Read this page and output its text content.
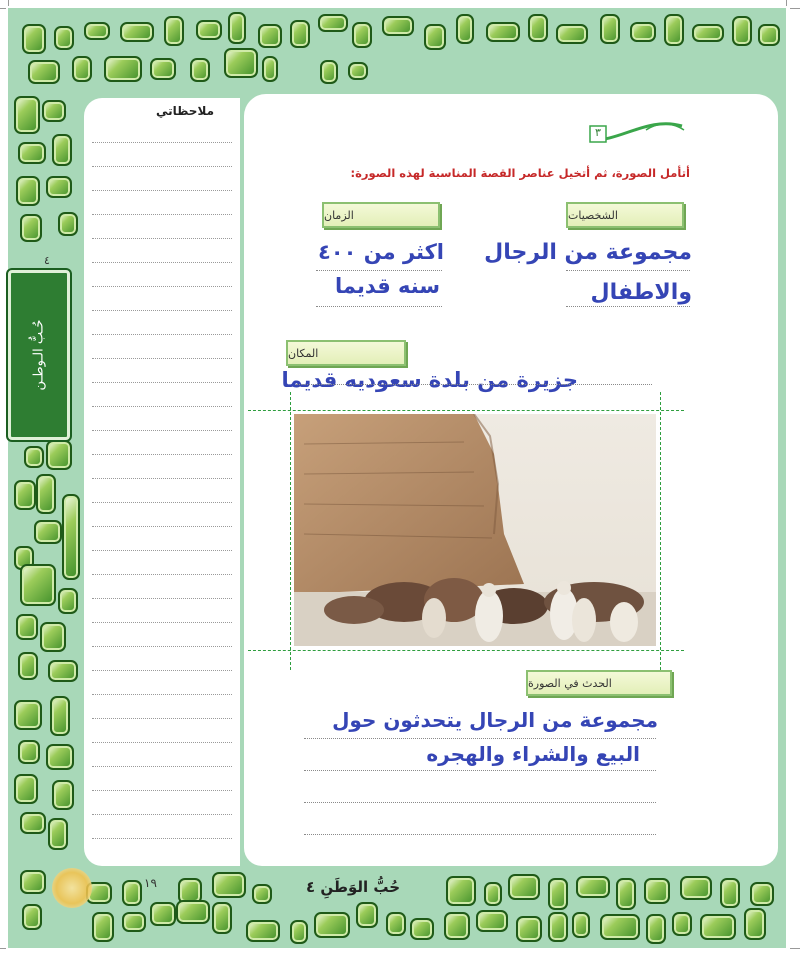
٤
حُـبُّ الـوطـن
ملاحظاتي
٣
أتأمل الصورة، ثم أتخيل عناصر القصة المناسبة لهذه الصورة:
الشخصيات
مجموعة من الرجال
والاطفال
الزمان
اكثر من ٤٠٠
سنه قديما
المكان
جزيرة من بلدة سعوديه قديما
الحدث في الصورة
مجموعة من الرجال يتحدثون حول
البيع والشراء والهجره
حُبُّ الوَطَنِ ٤
١٩
